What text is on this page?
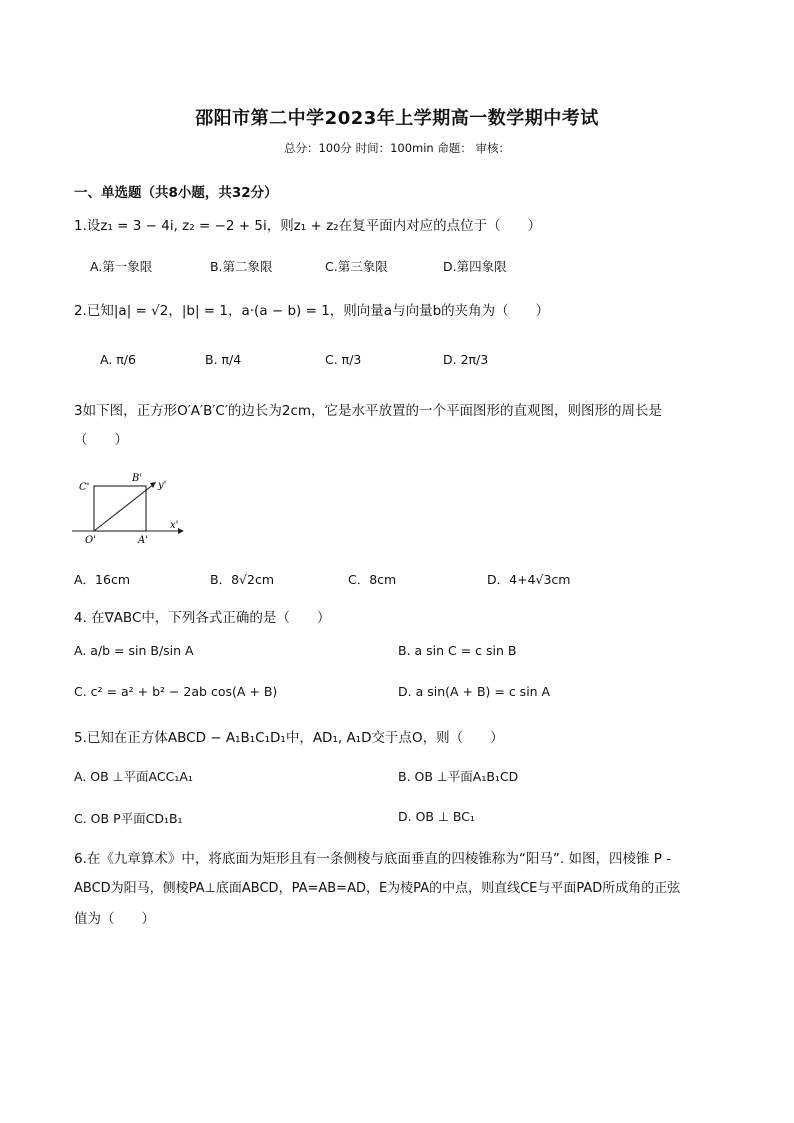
邵阳市第二中学2023年上学期高一数学期中考试
总分：100分 时间：100min 命题： 审核：
一、单选题（共8小题，共32分）
1.设z₁ = 3 − 4i, z₂ = −2 + 5i，则z₁ + z₂在复平面内对应的点位于（　　）
A.第一象限	B.第二象限	C.第三象限	D.第四象限
2.已知|a| = √2，|b| = 1，a·(a − b) = 1，则向量a与向量b的夹角为（　　）
A. π/6	B. π/4	C. π/3	D. 2π/3
3如下图，正方形O′A′B′C′的边长为2cm，它是水平放置的一个平面图形的直观图，则图形的周长是
（　　）
C'
B'
y'
O'	A'
x'
A．16cm	B．8√2cm	C．8cm	D．4+4√3cm
4. 在∇ABC中，下列各式正确的是（　　）
A. a/b = sin B/sin A	B. a sin C = c sin B
C. c² = a² + b² − 2ab cos(A + B)	D. a sin(A + B) = c sin A
5.已知在正方体ABCD − A₁B₁C₁D₁中，AD₁, A₁D交于点O，则（　　）
A. OB ⊥平面ACC₁A₁	B. OB ⊥平面A₁B₁CD
C. OB P平面CD₁B₁	D. OB ⊥ BC₁
6.在《九章算术》中，将底面为矩形且有一条侧棱与底面垂直的四棱锥称为“阳马”. 如图，四棱锥 P -
ABCD为阳马，侧棱PA⊥底面ABCD，PA=AB=AD，E为棱PA的中点，则直线CE与平面PAD所成角的正弦
值为（　　）
